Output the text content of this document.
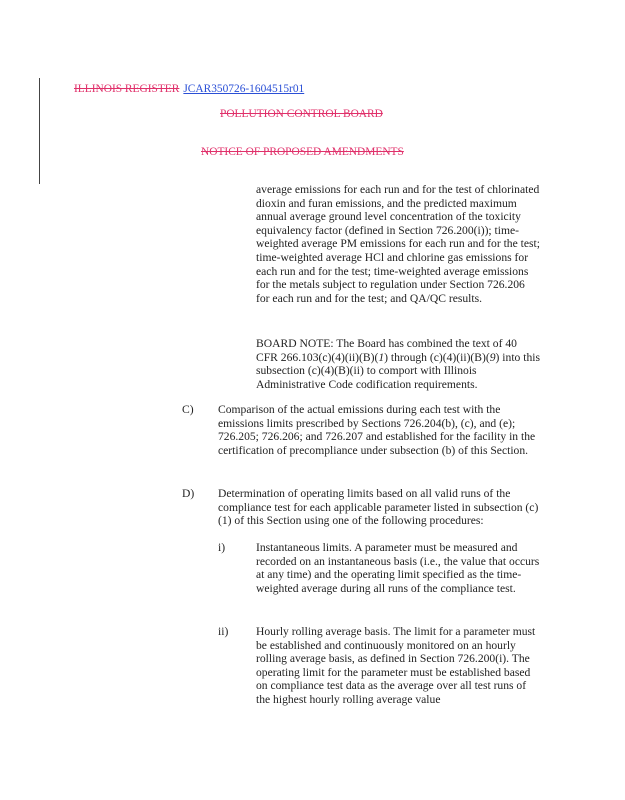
ILLINOIS REGISTER JCAR350726-1604515r01
POLLUTION CONTROL BOARD
NOTICE OF PROPOSED AMENDMENTS
average emissions for each run and for the test of chlorinated dioxin and furan emissions, and the predicted maximum annual average ground level concentration of the toxicity equivalency factor (defined in Section 726.200(i)); time-weighted average PM emissions for each run and for the test; time-weighted average HCl and chlorine gas emissions for each run and for the test; time-weighted average emissions for the metals subject to regulation under Section 726.206 for each run and for the test; and QA/QC results.
BOARD NOTE: The Board has combined the text of 40 CFR 266.103(c)(4)(ii)(B)(1) through (c)(4)(ii)(B)(9) into this subsection (c)(4)(B)(ii) to comport with Illinois Administrative Code codification requirements.
C) Comparison of the actual emissions during each test with the emissions limits prescribed by Sections 726.204(b), (c), and (e); 726.205; 726.206; and 726.207 and established for the facility in the certification of precompliance under subsection (b) of this Section.
D) Determination of operating limits based on all valid runs of the compliance test for each applicable parameter listed in subsection (c)(1) of this Section using one of the following procedures:
i)	Instantaneous limits. A parameter must be measured and recorded on an instantaneous basis (i.e., the value that occurs at any time) and the operating limit specified as the time-weighted average during all runs of the compliance test.
ii) Hourly rolling average basis. The limit for a parameter must be established and continuously monitored on an hourly rolling average basis, as defined in Section 726.200(i). The operating limit for the parameter must be established based on compliance test data as the average over all test runs of the highest hourly rolling average value
